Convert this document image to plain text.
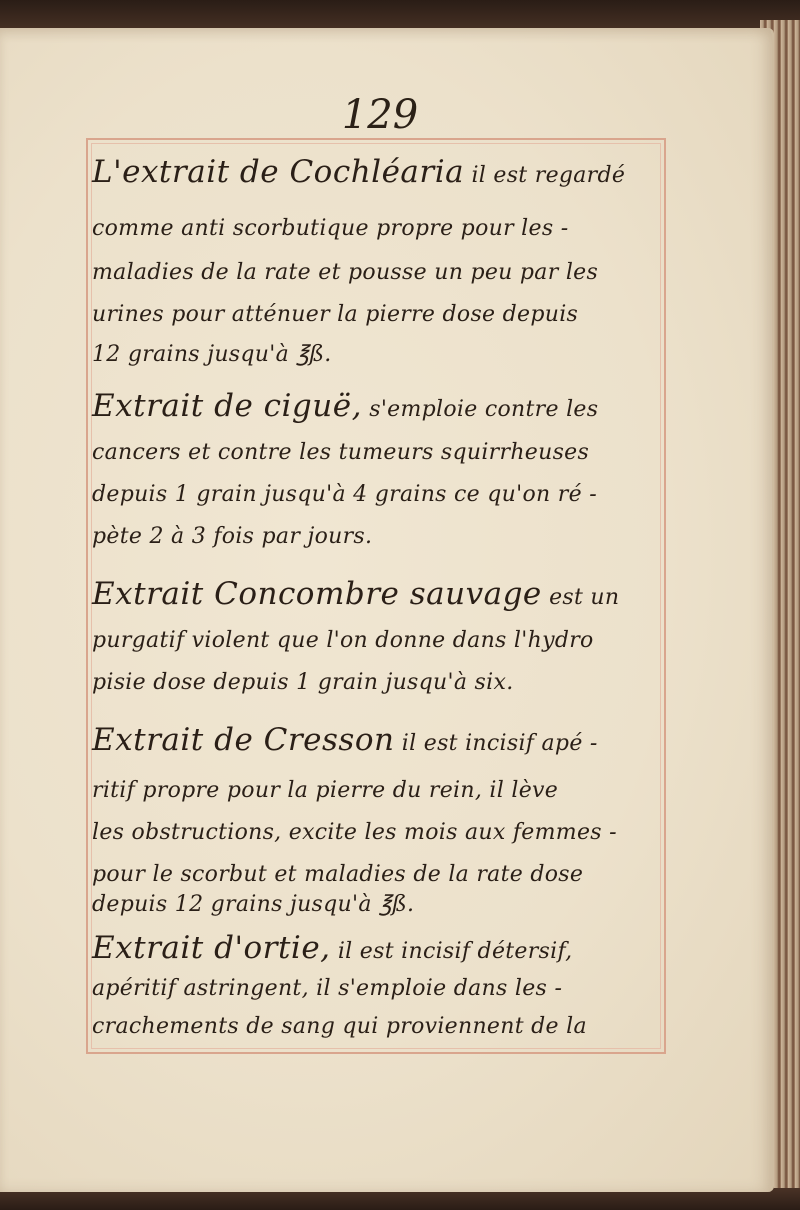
129
L'extrait de Cochléaria il est regardé
comme anti scorbutique propre pour les -
maladies de la rate et pousse un peu par les
urines pour atténuer la pierre dose depuis
12 grains jusqu'à ℥ß.
Extrait de ciguë, s'emploie contre les
cancers et contre les tumeurs squirrheuses
depuis 1 grain jusqu'à 4 grains ce qu'on ré -
pète 2 à 3 fois par jours.
Extrait Concombre sauvage est un
purgatif violent que l'on donne dans l'hydro
pisie dose depuis 1 grain jusqu'à six.
Extrait de Cresson il est incisif apé -
ritif propre pour la pierre du rein, il lève
les obstructions, excite les mois aux femmes -
pour le scorbut et maladies de la rate dose
depuis 12 grains jusqu'à ℥ß.
Extrait d'ortie, il est incisif détersif,
apéritif astringent, il s'emploie dans les -
crachements de sang qui proviennent de la
